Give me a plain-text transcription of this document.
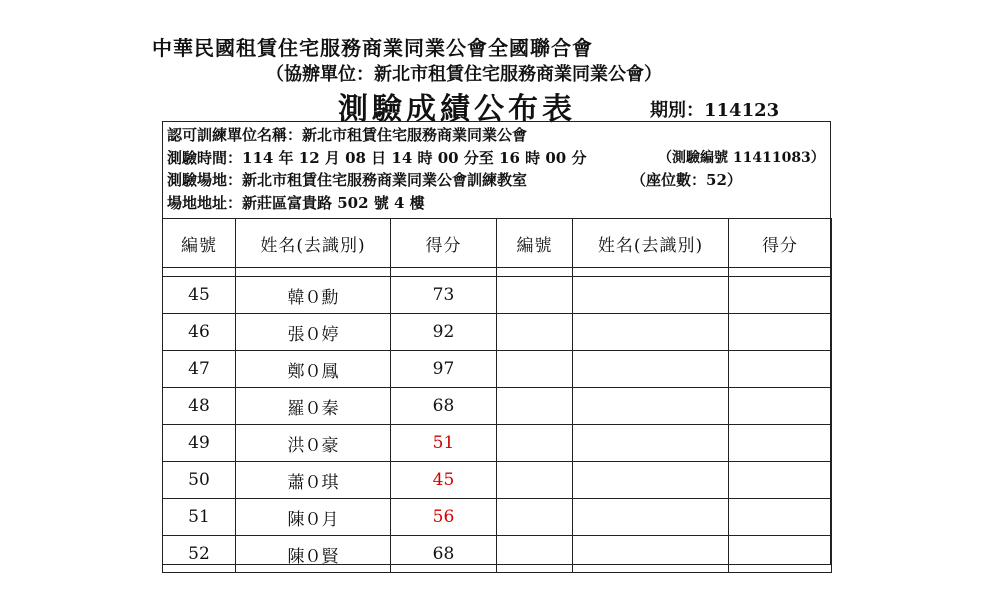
中華民國租賃住宅服務商業同業公會全國聯合會
（協辦單位：新北市租賃住宅服務商業同業公會）
測驗成績公布表	期別：114123
認可訓練單位名稱：新北市租賃住宅服務商業同業公會
測驗時間：114 年 12 月 08 日 14 時 00 分至 16 時 00 分	（測驗編號 11411083）
測驗場地：新北市租賃住宅服務商業同業公會訓練教室	（座位數：52）
場地地址：新莊區富貴路 502 號 4 樓
編號	姓名(去識別)	得分	編號	姓名(去識別)	得分

45	韓０勳	73			
46	張０婷	92			
47	鄭０鳳	97			
48	羅０秦	68			
49	洪０豪	51			
50	蕭０琪	45			
51	陳０月	56			
52	陳０賢	68			
